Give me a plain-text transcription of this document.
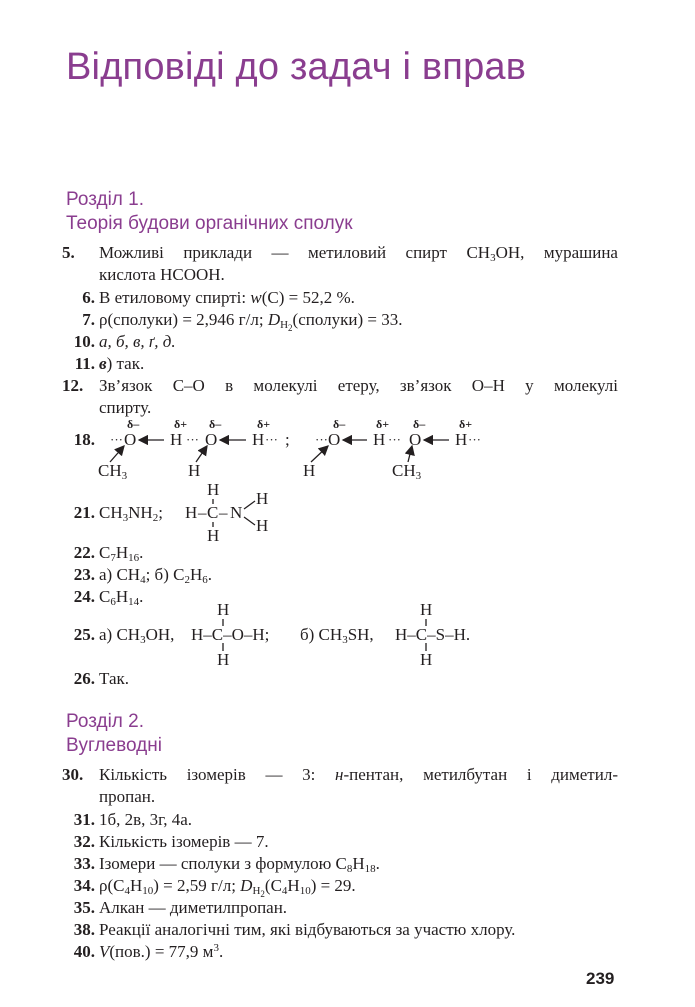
Відповіді до задач і вправ
Розділ 1.
Теорія будови органічних сполук
5. Можливі приклади — метиловий спирт $CH_3OH$, мурашина
кислота HCOOH.
6. В етиловому спирті: w(C) = 52,2 %.
7. ρ(сполуки) = 2,946 г/л; $D_{H_2}(сполуки) = 33$.
10. а, б, в, ґ, д.
11. в) так.
12. Зв’язок С–О в молекулі етеру, зв’язок О–Н у молекулі
спирту.
18.
δ–	δ+ δ–	δ+	δ–	δ+ δ–	δ+
··· O H ··· O H ··· ; ··· O H ··· O H ···
$CH_3$	H	H	$CH_3$
21. $CH_3NH_2$;
H
H – C – N
H
H
H
22. $C_7H_{16}$.
23. а) $CH_4$; б) $C_2H_6$.
24. $C_6H_{14}$.
25. а) $CH_3OH$,
H
H–C–O–H;
H
б) $CH_3SH$,
H
H–C–S–H.
H
26. Так.
Розділ 2.
Вуглеводні
30. Кількість ізомерів — 3: н-пентан, метилбутан і диметил-
пропан.
31. 1б, 2в, 3г, 4а.
32. Кількість ізомерів — 7.
33. Ізомери — сполуки з формулою $C_8H_{18}$.
34. $\rho(C_4H_{10}) = 2,59$ г/л; $D_{H_2}(C_4H_{10}) = 29$.
35. Алкан — диметилпропан.
38. Реакції аналогічні тим, які відбуваються за участю хлору.
40. V(пов.) = 77,9 $м^3$.
239
